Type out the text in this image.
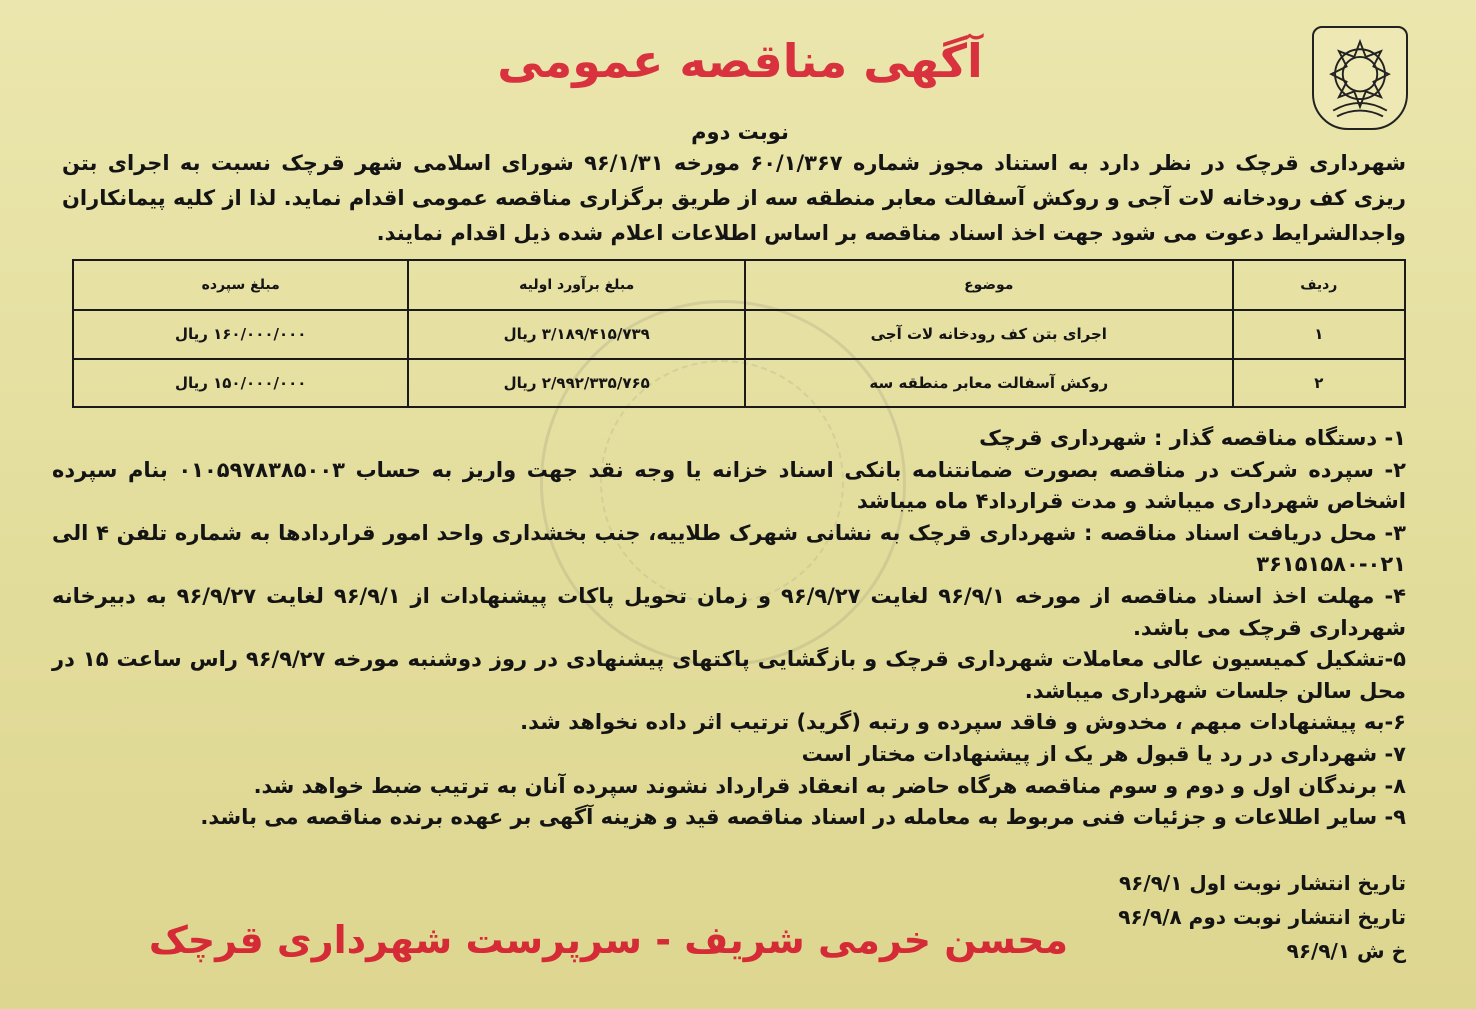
آگهی مناقصه عمومی

نوبت دوم

شهرداری قرچک در نظر دارد به استناد مجوز شماره ۶۰/۱/۳۶۷ مورخه ۹۶/۱/۳۱ شورای اسلامی شهر قرچک نسبت به اجرای بتن ریزی کف رودخانه لات آجی و روکش آسفالت معابر منطقه سه از طریق برگزاری مناقصه عمومی اقدام نماید. لذا از کلیه پیمانکاران واجدالشرایط دعوت می شود جهت اخذ اسناد مناقصه بر اساس اطلاعات اعلام شده ذیل اقدام نمایند.

ردیف	موضوع	مبلغ برآورد اولیه	مبلغ سپرده
۱	اجرای بتن کف رودخانه لات آجی	۳/۱۸۹/۴۱۵/۷۳۹ ریال	۱۶۰/۰۰۰/۰۰۰ ریال
۲	روکش آسفالت معابر منطقه سه	۲/۹۹۲/۳۳۵/۷۶۵ ریال	۱۵۰/۰۰۰/۰۰۰ ریال
۱- دستگاه مناقصه گذار : شهرداری قرچک
۲- سپرده شرکت در مناقصه بصورت ضمانتنامه بانکی اسناد خزانه یا وجه نقد جهت واریز به حساب ۰۱۰۵۹۷۸۳۸۵۰۰۳ بنام سپرده اشخاص شهرداری میباشد و مدت قرارداد۴ ماه میباشد
۳- محل دریافت اسناد مناقصه : شهرداری قرچک به نشانی شهرک طلاییه، جنب بخشداری واحد امور قراردادها به شماره تلفن ۴ الی ۰۲۱-۳۶۱۵۱۵۸۰
۴- مهلت اخذ اسناد مناقصه از مورخه ۹۶/۹/۱ لغایت ۹۶/۹/۲۷ و زمان تحویل پاکات پیشنهادات از ۹۶/۹/۱ لغایت ۹۶/۹/۲۷ به دبیرخانه شهرداری قرچک می باشد.
۵-تشکیل کمیسیون عالی معاملات شهرداری قرچک و بازگشایی پاکتهای پیشنهادی در روز دوشنبه مورخه ۹۶/۹/۲۷ راس ساعت ۱۵ در محل سالن جلسات شهرداری میباشد.
۶-به پیشنهادات مبهم ، مخدوش و فاقد سپرده و رتبه (گرید) ترتیب اثر داده نخواهد شد.
۷- شهرداری در رد یا قبول هر یک از پیشنهادات مختار است
۸- برندگان اول و دوم و سوم مناقصه هرگاه حاضر به انعقاد قرارداد نشوند سپرده آنان به ترتیب ضبط خواهد شد.
۹- سایر اطلاعات و جزئیات فنی مربوط به معامله در اسناد مناقصه قید و هزینه آگهی بر عهده برنده مناقصه می باشد.
تاریخ انتشار نوبت اول ۹۶/۹/۱
تاریخ انتشار نوبت دوم ۹۶/۹/۸
خ ش ۹۶/۹/۱

محسن خرمی شریف - سرپرست شهرداری قرچک
